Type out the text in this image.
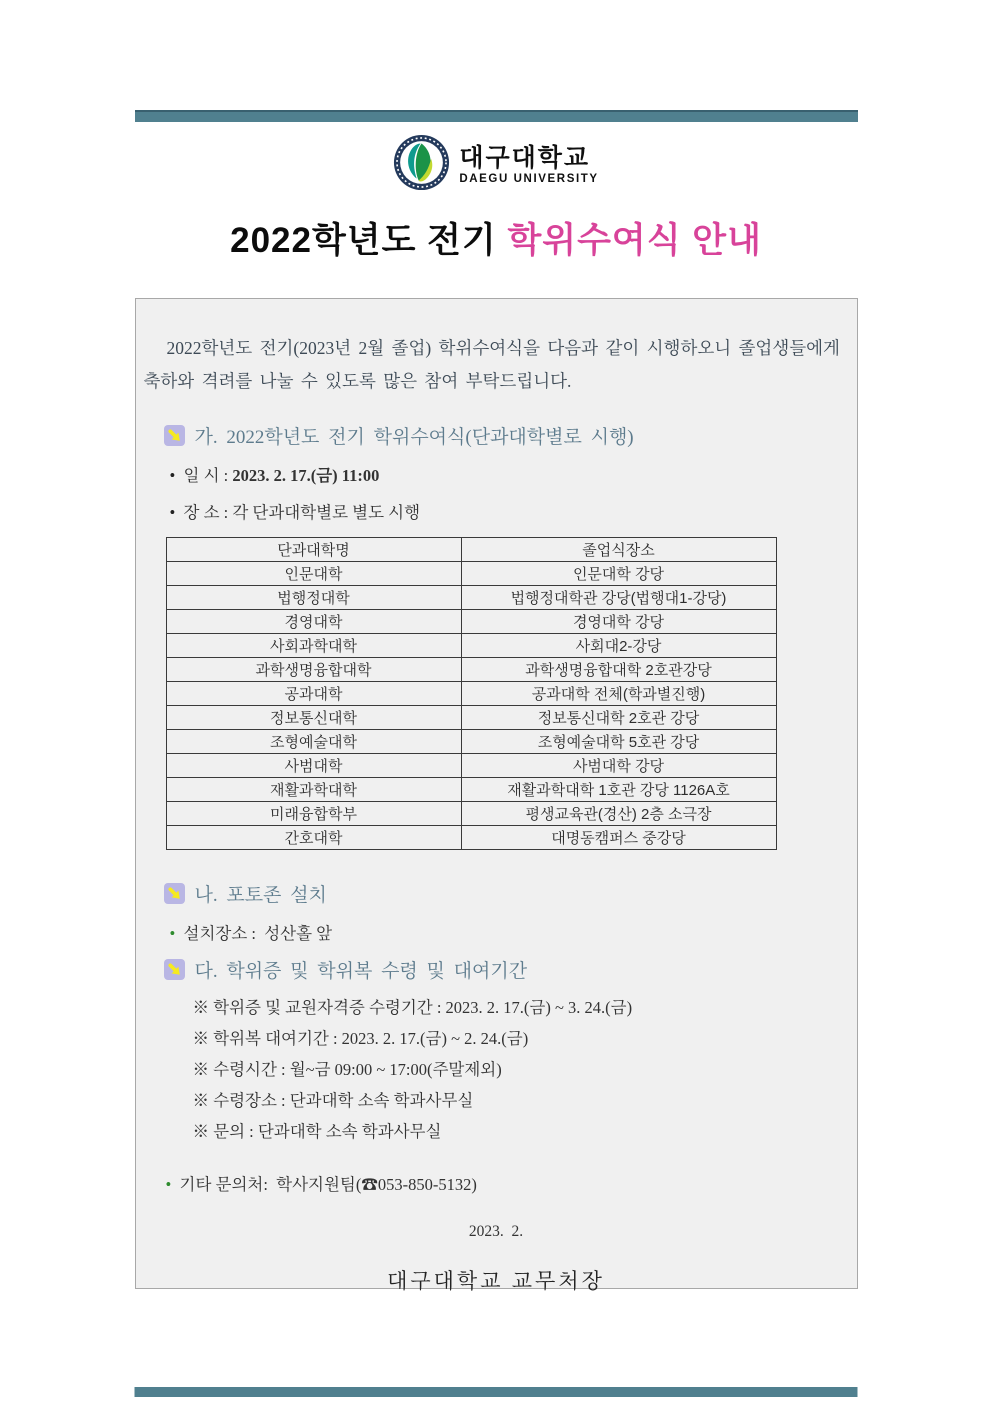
대구대학교
DAEGU UNIVERSITY
2022학년도 전기 학위수여식 안내

2022학년도 전기(2023년 2월 졸업) 학위수여식을 다음과 같이 시행하오니 졸업생들에게 축하와 격려를 나눌 수 있도록 많은 참여 부탁드립니다.

가. 2022학년도 전기 학위수여식(단과대학별로 시행)
• 일 시 : 2023. 2. 17.(금) 11:00
• 장 소 : 각 단과대학별로 별도 시행
단과대학명	졸업식장소
인문대학	인문대학 강당
법행정대학	법행정대학관 강당(법행대1-강당)
경영대학	경영대학 강당
사회과학대학	사회대2-강당
과학생명융합대학	과학생명융합대학 2호관강당
공과대학	공과대학 전체(학과별진행)
정보통신대학	정보통신대학 2호관 강당
조형예술대학	조형예술대학 5호관 강당
사범대학	사범대학 강당
재활과학대학	재활과학대학 1호관 강당 1126A호
미래융합학부	평생교육관(경산) 2층 소극장
간호대학	대명동캠퍼스 중강당
나. 포토존 설치
• 설치장소 :  성산홀 앞
다. 학위증 및 학위복 수령 및 대여기간
※ 학위증 및 교원자격증 수령기간 : 2023. 2. 17.(금) ~ 3. 24.(금)
※ 학위복 대여기간 : 2023. 2. 17.(금) ~ 2. 24.(금)
※ 수령시간 : 월~금 09:00 ~ 17:00(주말제외)
※ 수령장소 : 단과대학 소속 학과사무실
※ 문의 : 단과대학 소속 학과사무실
• 기타 문의처:  학사지원팀(☎053-850-5132)
2023.  2.
대구대학교 교무처장
